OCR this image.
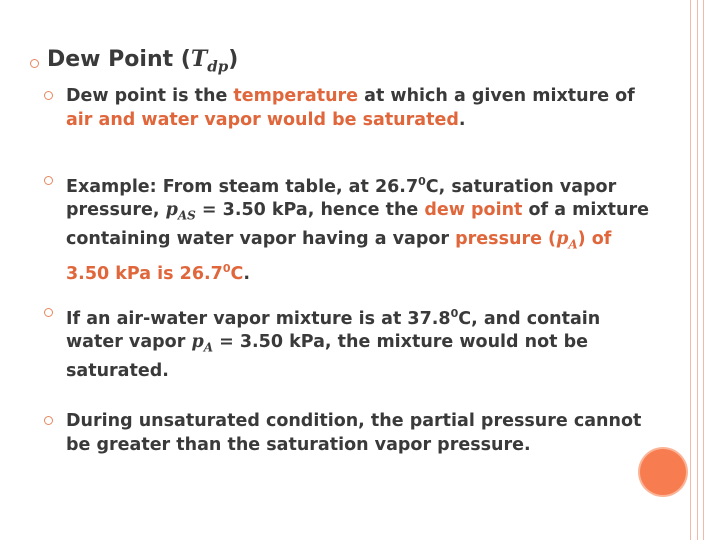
Dew Point $(T_{dp})$

Dew point is the temperature at which a given mixture of air and water vapor would be saturated.

Example: From steam table, at 26.7$^0$C, saturation vapor pressure, $p_{AS} = 3.50$ kPa, hence the dew point of a mixture containing water vapor having a vapor pressure $(p_A)$ of 3.50 kPa is 26.7$^0$C.

If an air-water vapor mixture is at 37.8$^0$C, and contain water vapor $p_A = 3.50$ kPa, the mixture would not be saturated.

During unsaturated condition, the partial pressure cannot be greater than the saturation vapor pressure.
